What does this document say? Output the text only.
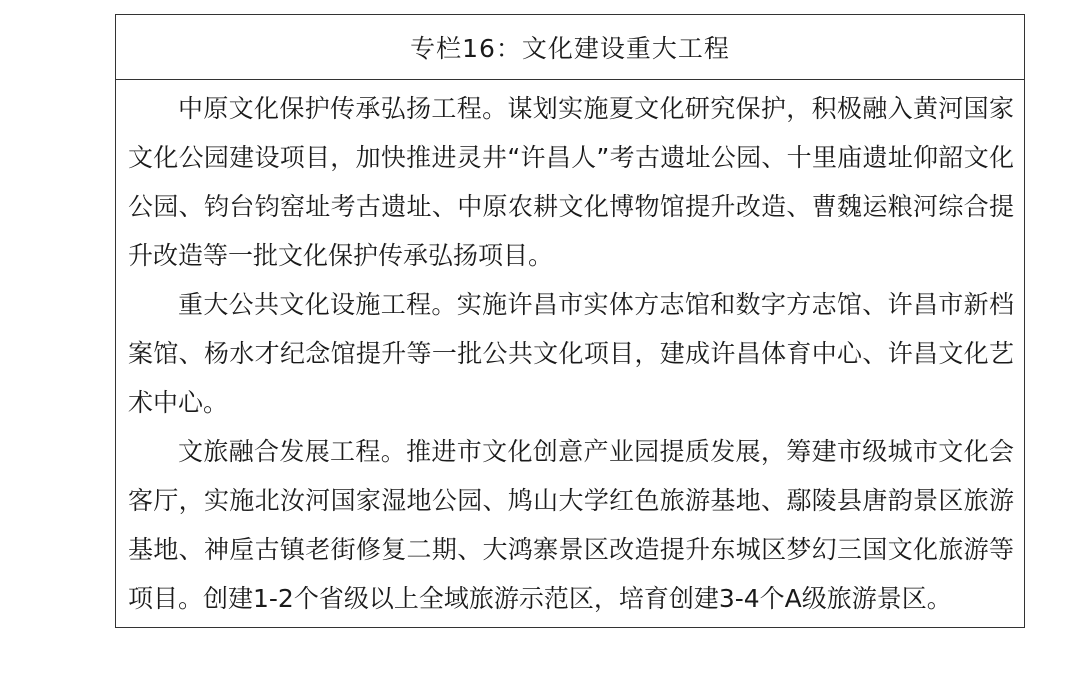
专栏16：文化建设重大工程

中原文化保护传承弘扬工程。谋划实施夏文化研究保护，积极融入黄河国家文化公园建设项目，加快推进灵井“许昌人”考古遗址公园、十里庙遗址仰韶文化公园、钧台钧窑址考古遗址、中原农耕文化博物馆提升改造、曹魏运粮河综合提升改造等一批文化保护传承弘扬项目。

重大公共文化设施工程。实施许昌市实体方志馆和数字方志馆、许昌市新档案馆、杨水才纪念馆提升等一批公共文化项目，建成许昌体育中心、许昌文化艺术中心。

文旅融合发展工程。推进市文化创意产业园提质发展，筹建市级城市文化会客厅，实施北汝河国家湿地公园、鸠山大学红色旅游基地、鄢陵县唐韵景区旅游基地、神垕古镇老街修复二期、大鸿寨景区改造提升东城区梦幻三国文化旅游等项目。创建1-2个省级以上全域旅游示范区，培育创建3-4个A级旅游景区。
